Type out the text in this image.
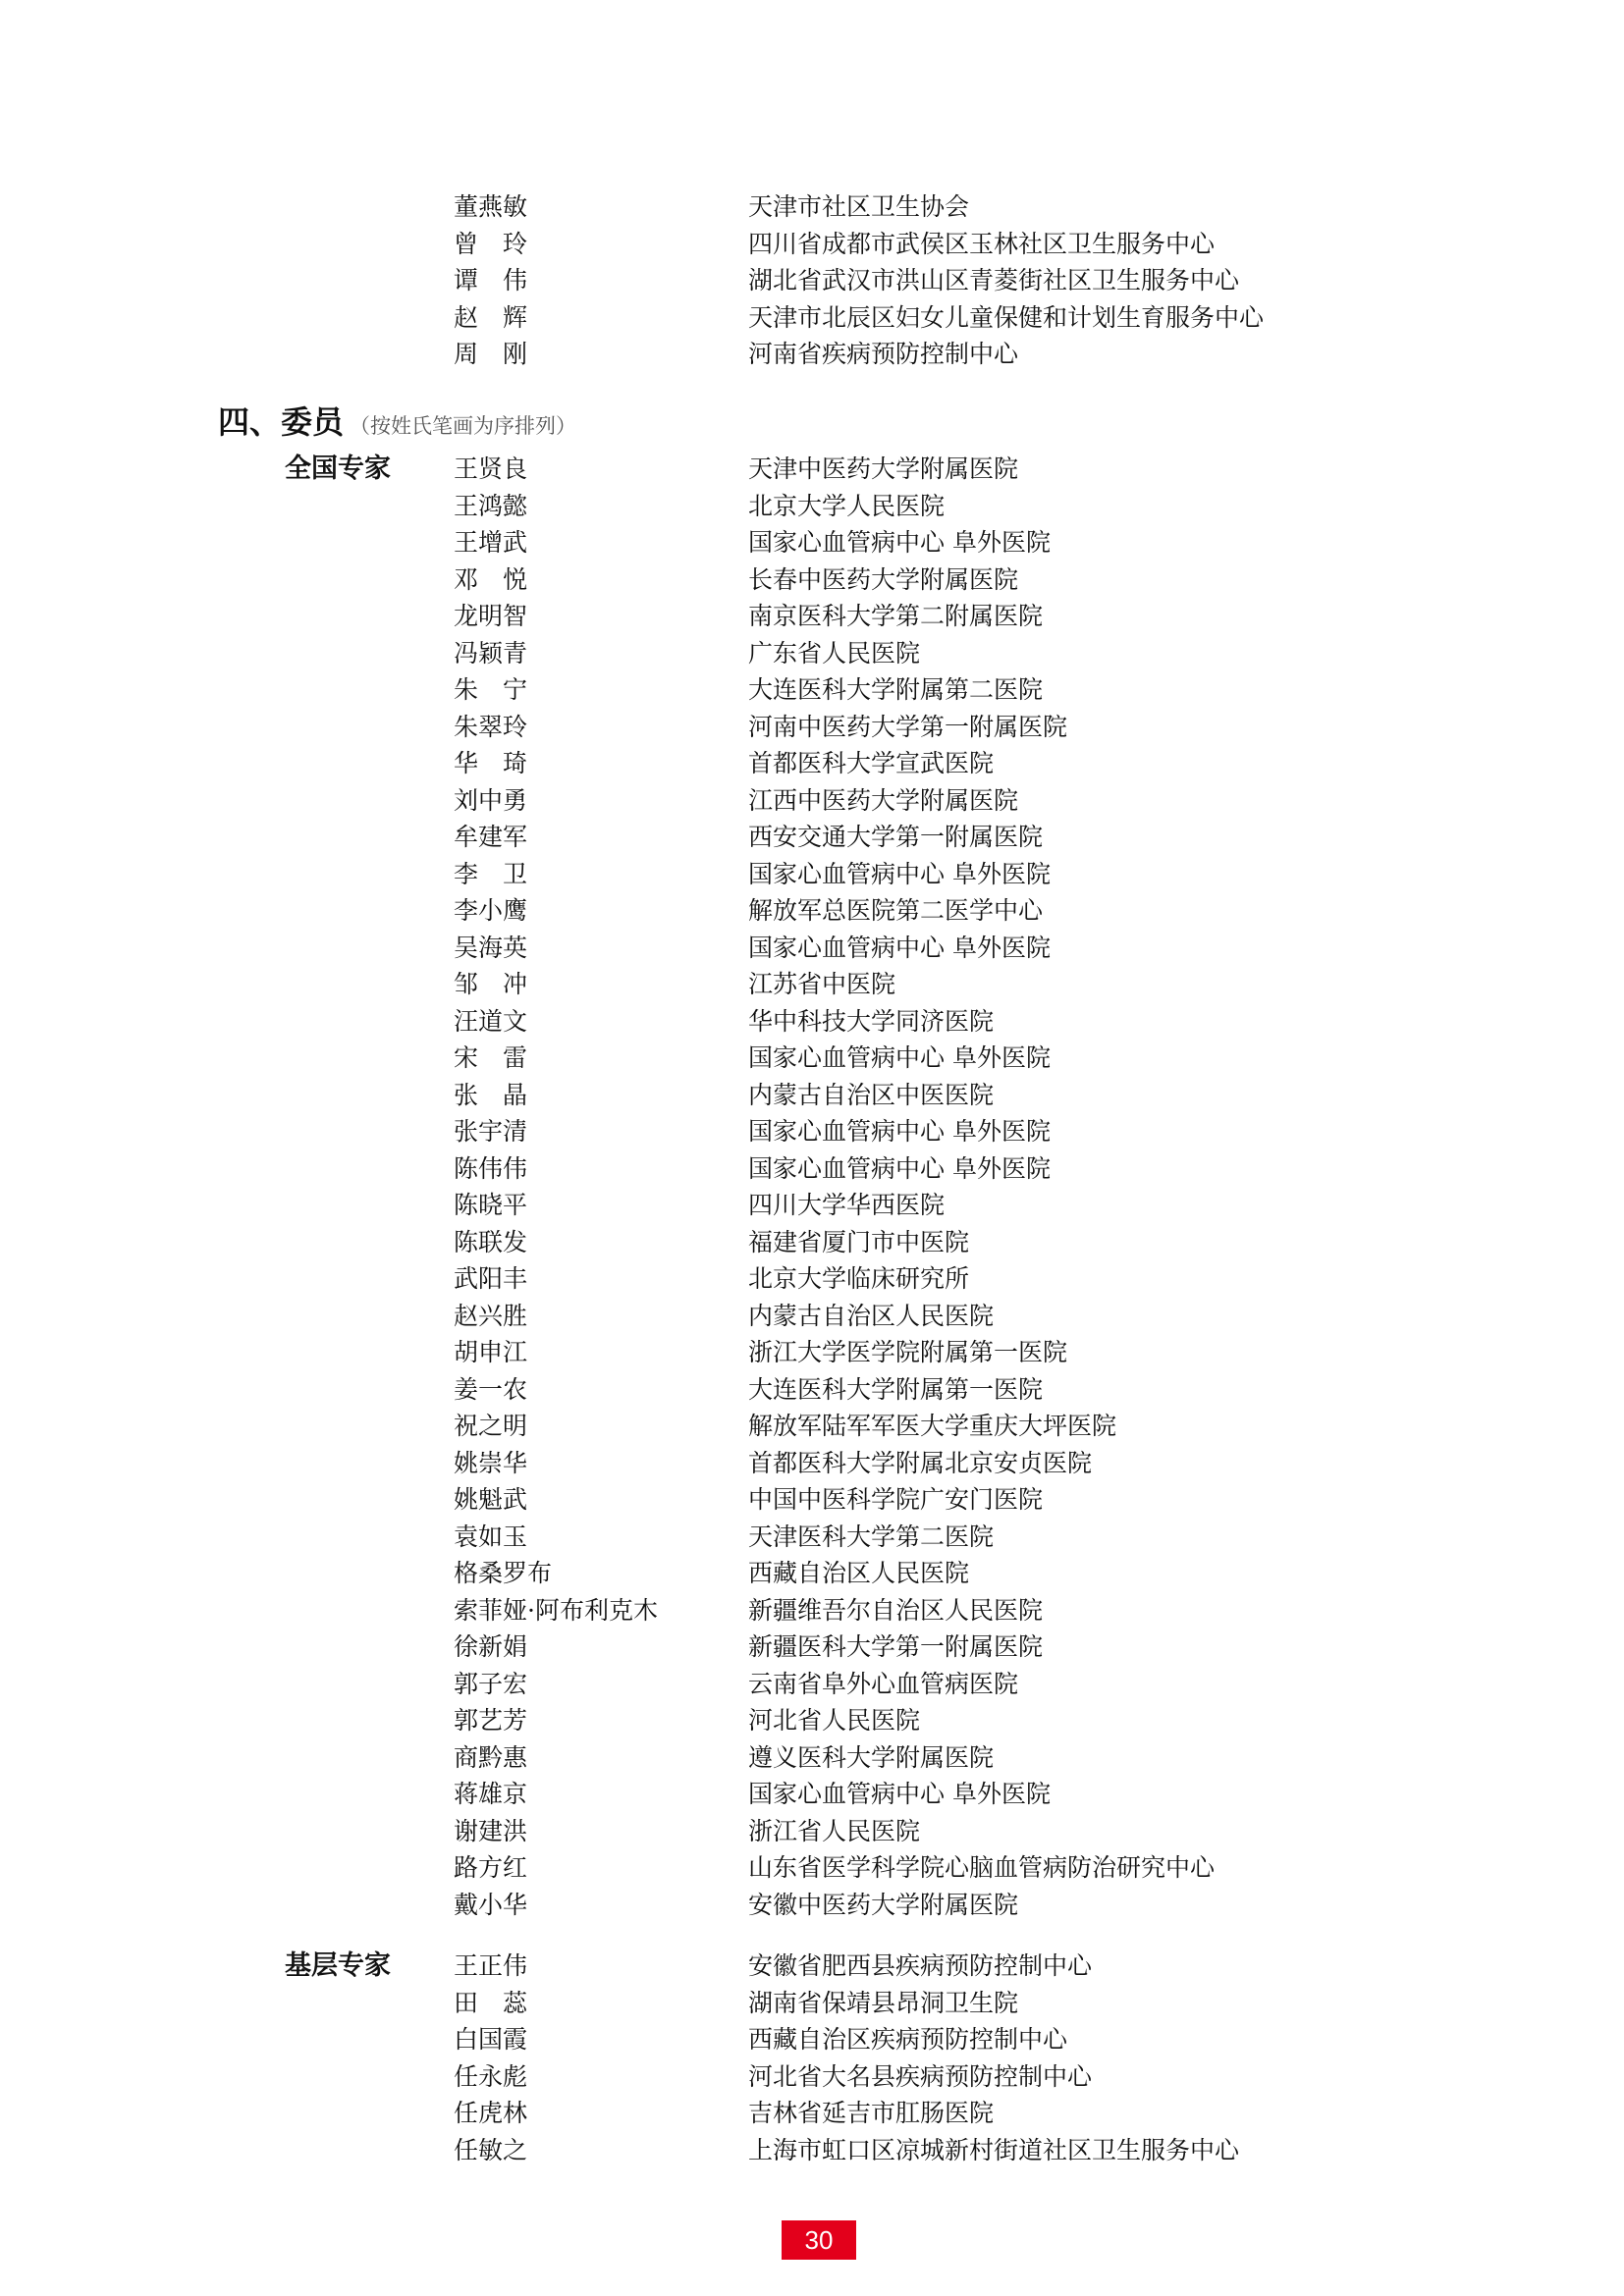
董燕敏	天津市社区卫生协会
曾　玲	四川省成都市武侯区玉林社区卫生服务中心
谭　伟	湖北省武汉市洪山区青菱街社区卫生服务中心
赵　辉	天津市北辰区妇女儿童保健和计划生育服务中心
周　刚	河南省疾病预防控制中心
四、委员 （按姓氏笔画为序排列）
全国专家	王贤良	天津中医药大学附属医院
王鸿懿	北京大学人民医院
王增武	国家心血管病中心 阜外医院
邓　悦	长春中医药大学附属医院
龙明智	南京医科大学第二附属医院
冯颖青	广东省人民医院
朱　宁	大连医科大学附属第二医院
朱翠玲	河南中医药大学第一附属医院
华　琦	首都医科大学宣武医院
刘中勇	江西中医药大学附属医院
牟建军	西安交通大学第一附属医院
李　卫	国家心血管病中心 阜外医院
李小鹰	解放军总医院第二医学中心
吴海英	国家心血管病中心 阜外医院
邹　冲	江苏省中医院
汪道文	华中科技大学同济医院
宋　雷	国家心血管病中心 阜外医院
张　晶	内蒙古自治区中医医院
张宇清	国家心血管病中心 阜外医院
陈伟伟	国家心血管病中心 阜外医院
陈晓平	四川大学华西医院
陈联发	福建省厦门市中医院
武阳丰	北京大学临床研究所
赵兴胜	内蒙古自治区人民医院
胡申江	浙江大学医学院附属第一医院
姜一农	大连医科大学附属第一医院
祝之明	解放军陆军军医大学重庆大坪医院
姚崇华	首都医科大学附属北京安贞医院
姚魁武	中国中医科学院广安门医院
袁如玉	天津医科大学第二医院
格桑罗布	西藏自治区人民医院
索菲娅·阿布利克木	新疆维吾尔自治区人民医院
徐新娟	新疆医科大学第一附属医院
郭子宏	云南省阜外心血管病医院
郭艺芳	河北省人民医院
商黔惠	遵义医科大学附属医院
蒋雄京	国家心血管病中心 阜外医院
谢建洪	浙江省人民医院
路方红	山东省医学科学院心脑血管病防治研究中心
戴小华	安徽中医药大学附属医院
基层专家	王正伟	安徽省肥西县疾病预防控制中心
田　蕊	湖南省保靖县昂洞卫生院
白国霞	西藏自治区疾病预防控制中心
任永彪	河北省大名县疾病预防控制中心
任虎林	吉林省延吉市肛肠医院
任敏之	上海市虹口区凉城新村街道社区卫生服务中心
30
